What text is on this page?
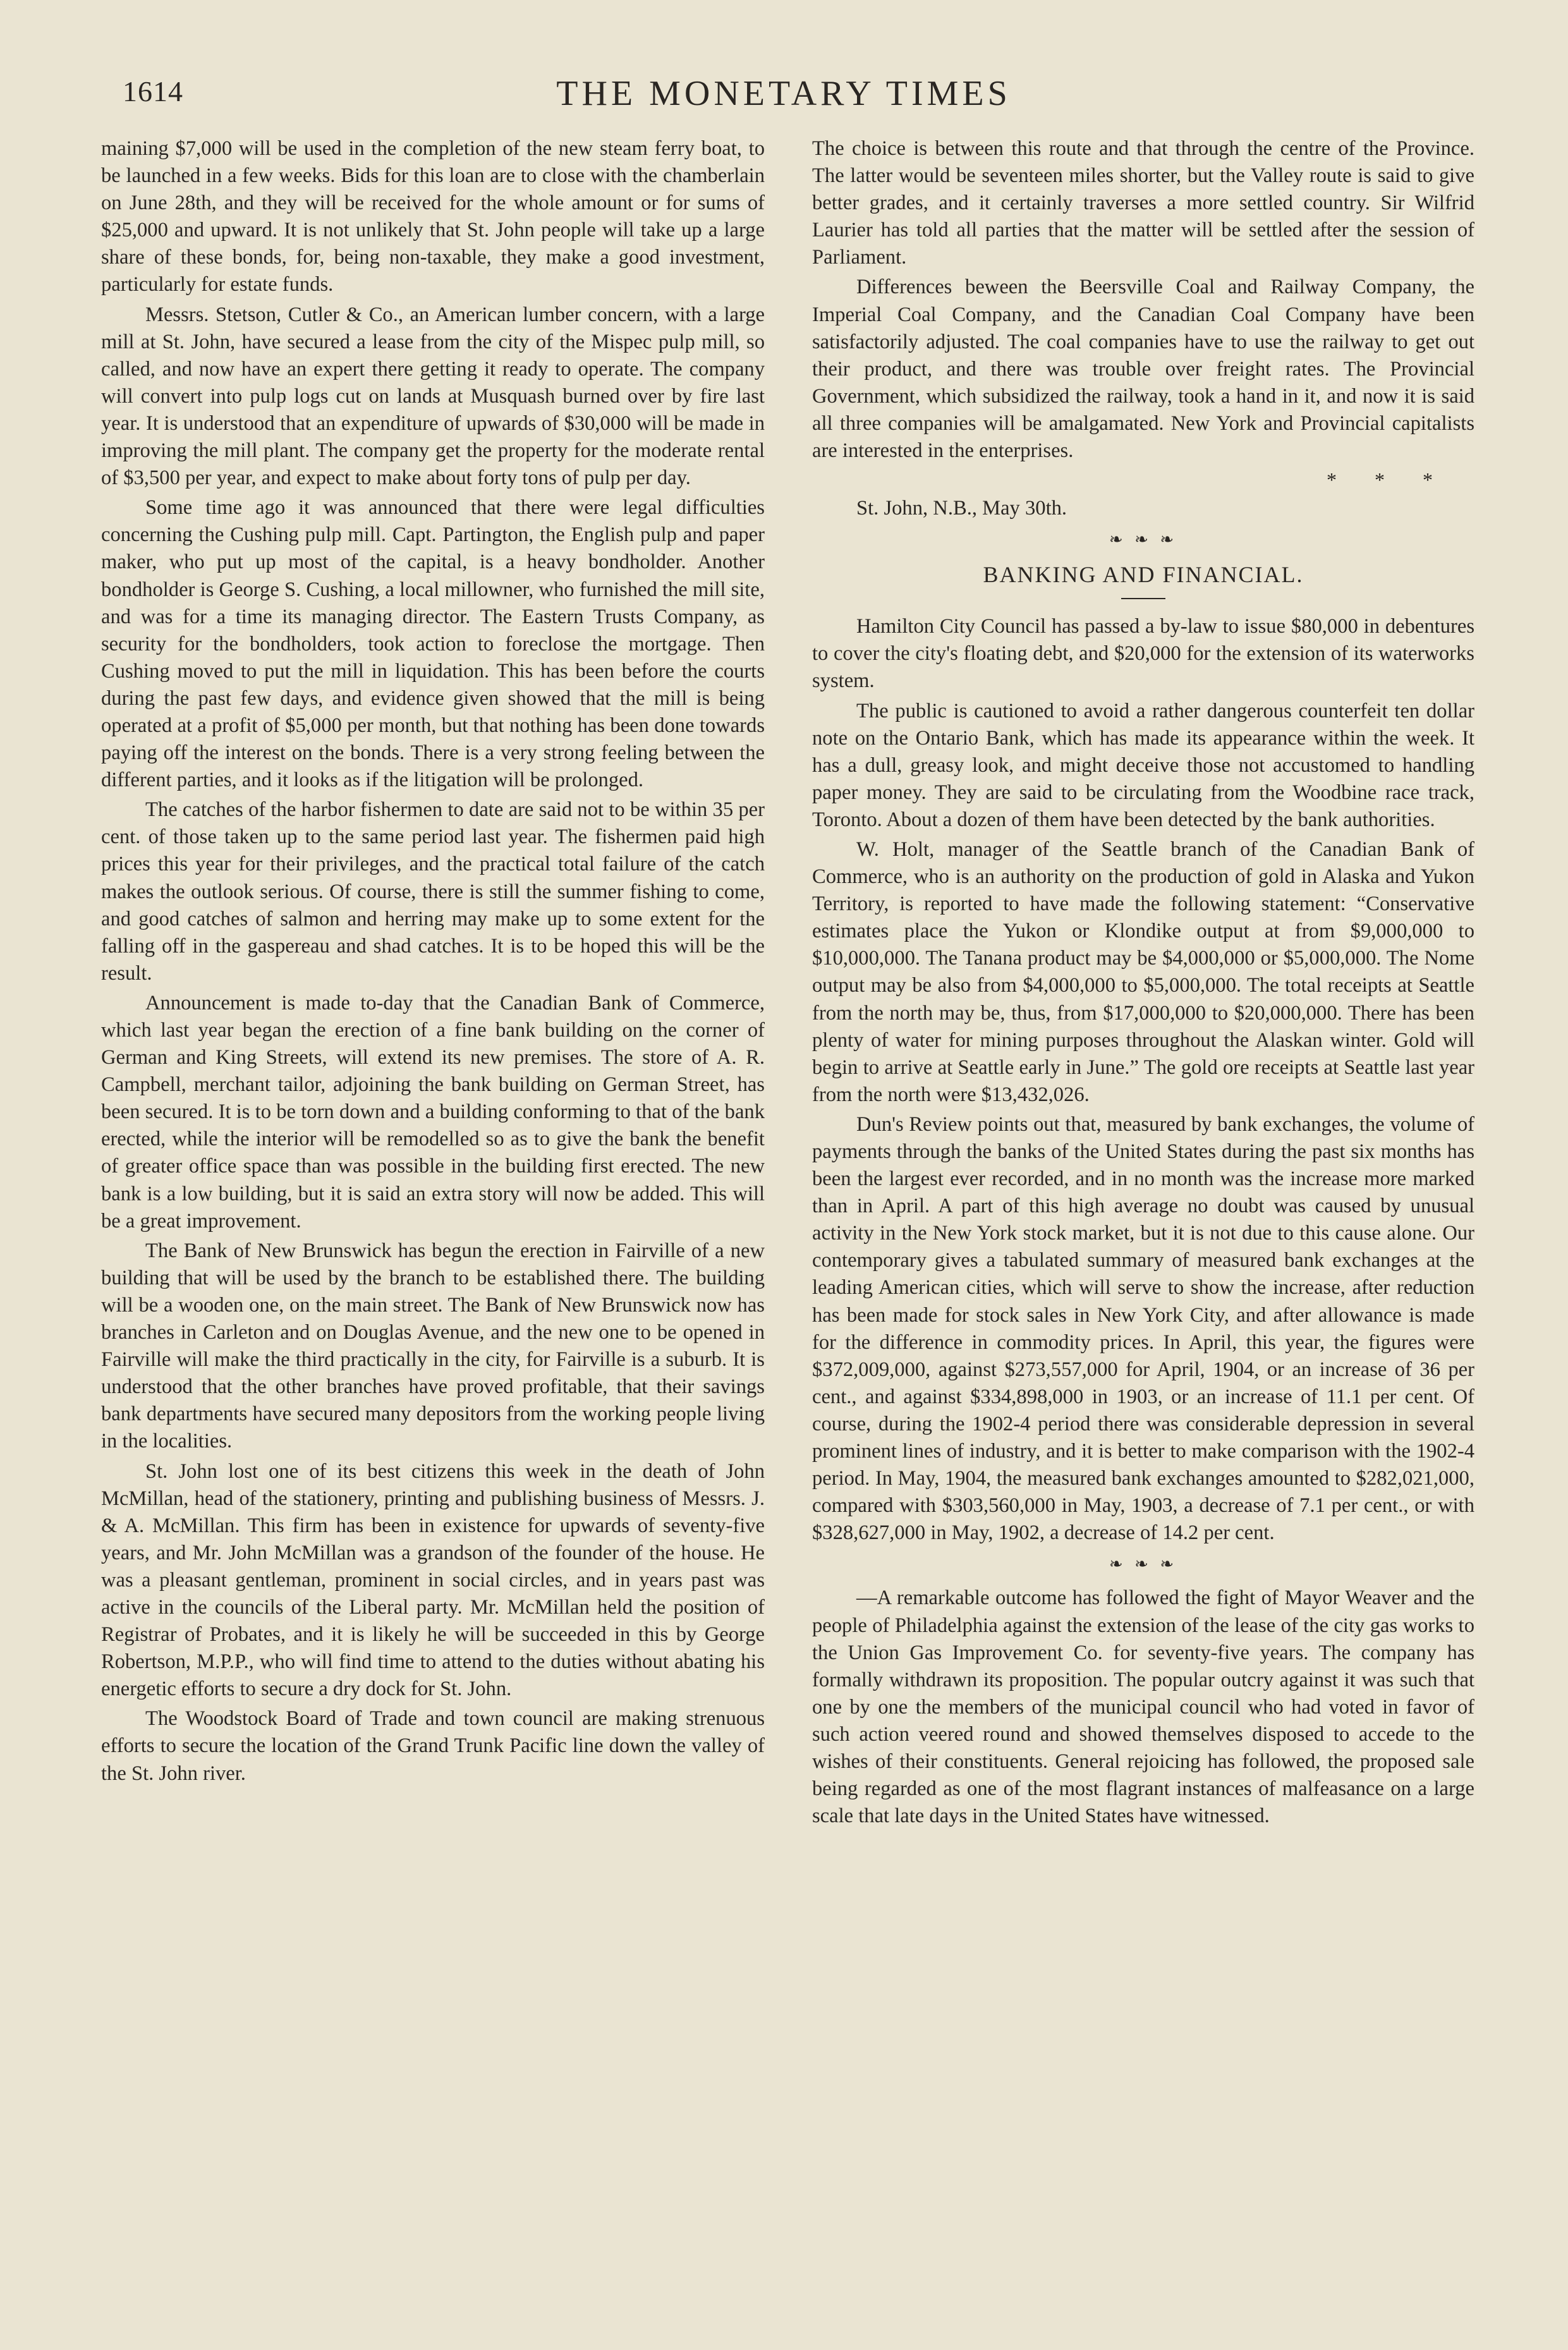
1614	THE MONETARY TIMES

maining $7,000 will be used in the completion of the new steam ferry boat, to be launched in a few weeks. Bids for this loan are to close with the chamberlain on June 28th, and they will be received for the whole amount or for sums of $25,000 and upward. It is not unlikely that St. John people will take up a large share of these bonds, for, being non-taxable, they make a good investment, particularly for estate funds.

Messrs. Stetson, Cutler & Co., an American lumber concern, with a large mill at St. John, have secured a lease from the city of the Mispec pulp mill, so called, and now have an expert there getting it ready to operate. The company will convert into pulp logs cut on lands at Musquash burned over by fire last year. It is understood that an expenditure of upwards of $30,000 will be made in improving the mill plant. The company get the property for the moderate rental of $3,500 per year, and expect to make about forty tons of pulp per day.

Some time ago it was announced that there were legal difficulties concerning the Cushing pulp mill. Capt. Partington, the English pulp and paper maker, who put up most of the capital, is a heavy bondholder. Another bondholder is George S. Cushing, a local millowner, who furnished the mill site, and was for a time its managing director. The Eastern Trusts Company, as security for the bondholders, took action to foreclose the mortgage. Then Cushing moved to put the mill in liquidation. This has been before the courts during the past few days, and evidence given showed that the mill is being operated at a profit of $5,000 per month, but that nothing has been done towards paying off the interest on the bonds. There is a very strong feeling between the different parties, and it looks as if the litigation will be prolonged.

The catches of the harbor fishermen to date are said not to be within 35 per cent. of those taken up to the same period last year. The fishermen paid high prices this year for their privileges, and the practical total failure of the catch makes the outlook serious. Of course, there is still the summer fishing to come, and good catches of salmon and herring may make up to some extent for the falling off in the gaspereau and shad catches. It is to be hoped this will be the result.

Announcement is made to-day that the Canadian Bank of Commerce, which last year began the erection of a fine bank building on the corner of German and King Streets, will extend its new premises. The store of A. R. Campbell, merchant tailor, adjoining the bank building on German Street, has been secured. It is to be torn down and a building conforming to that of the bank erected, while the interior will be remodelled so as to give the bank the benefit of greater office space than was possible in the building first erected. The new bank is a low building, but it is said an extra story will now be added. This will be a great improvement.

The Bank of New Brunswick has begun the erection in Fairville of a new building that will be used by the branch to be established there. The building will be a wooden one, on the main street. The Bank of New Brunswick now has branches in Carleton and on Douglas Avenue, and the new one to be opened in Fairville will make the third practically in the city, for Fairville is a suburb. It is understood that the other branches have proved profitable, that their savings bank departments have secured many depositors from the working people living in the localities.

St. John lost one of its best citizens this week in the death of John McMillan, head of the stationery, printing and publishing business of Messrs. J. & A. McMillan. This firm has been in existence for upwards of seventy-five years, and Mr. John McMillan was a grandson of the founder of the house. He was a pleasant gentleman, prominent in social circles, and in years past was active in the councils of the Liberal party. Mr. McMillan held the position of Registrar of Probates, and it is likely he will be succeeded in this by George Robertson, M.P.P., who will find time to attend to the duties without abating his energetic efforts to secure a dry dock for St. John.

The Woodstock Board of Trade and town council are making strenuous efforts to secure the location of the Grand Trunk Pacific line down the valley of the St. John river.

The choice is between this route and that through the centre of the Province. The latter would be seventeen miles shorter, but the Valley route is said to give better grades, and it certainly traverses a more settled country. Sir Wilfrid Laurier has told all parties that the matter will be settled after the session of Parliament.

Differences beween the Beersville Coal and Railway Company, the Imperial Coal Company, and the Canadian Coal Company have been satisfactorily adjusted. The coal companies have to use the railway to get out their product, and there was trouble over freight rates. The Provincial Government, which subsidized the railway, took a hand in it, and now it is said all three companies will be amalgamated. New York and Provincial capitalists are interested in the enterprises.

* * *
St. John, N.B., May 30th.
❧ ❧ ❧
BANKING AND FINANCIAL.

Hamilton City Council has passed a by-law to issue $80,000 in debentures to cover the city's floating debt, and $20,000 for the extension of its waterworks system.

The public is cautioned to avoid a rather dangerous counterfeit ten dollar note on the Ontario Bank, which has made its appearance within the week. It has a dull, greasy look, and might deceive those not accustomed to handling paper money. They are said to be circulating from the Woodbine race track, Toronto. About a dozen of them have been detected by the bank authorities.

W. Holt, manager of the Seattle branch of the Canadian Bank of Commerce, who is an authority on the production of gold in Alaska and Yukon Territory, is reported to have made the following statement: “Conservative estimates place the Yukon or Klondike output at from $9,000,000 to $10,000,000. The Tanana product may be $4,000,000 or $5,000,000. The Nome output may be also from $4,000,000 to $5,000,000. The total receipts at Seattle from the north may be, thus, from $17,000,000 to $20,000,000. There has been plenty of water for mining purposes throughout the Alaskan winter. Gold will begin to arrive at Seattle early in June.” The gold ore receipts at Seattle last year from the north were $13,432,026.

Dun's Review points out that, measured by bank exchanges, the volume of payments through the banks of the United States during the past six months has been the largest ever recorded, and in no month was the increase more marked than in April. A part of this high average no doubt was caused by unusual activity in the New York stock market, but it is not due to this cause alone. Our contemporary gives a tabulated summary of measured bank exchanges at the leading American cities, which will serve to show the increase, after reduction has been made for stock sales in New York City, and after allowance is made for the difference in commodity prices. In April, this year, the figures were $372,009,000, against $273,557,000 for April, 1904, or an increase of 36 per cent., and against $334,898,000 in 1903, or an increase of 11.1 per cent. Of course, during the 1902-4 period there was considerable depression in several prominent lines of industry, and it is better to make comparison with the 1902-4 period. In May, 1904, the measured bank exchanges amounted to $282,021,000, compared with $303,560,000 in May, 1903, a decrease of 7.1 per cent., or with $328,627,000 in May, 1902, a decrease of 14.2 per cent.

❧ ❧ ❧

—A remarkable outcome has followed the fight of Mayor Weaver and the people of Philadelphia against the extension of the lease of the city gas works to the Union Gas Improvement Co. for seventy-five years. The company has formally withdrawn its proposition. The popular outcry against it was such that one by one the members of the municipal council who had voted in favor of such action veered round and showed themselves disposed to accede to the wishes of their constituents. General rejoicing has followed, the proposed sale being regarded as one of the most flagrant instances of malfeasance on a large scale that late days in the United States have witnessed.
